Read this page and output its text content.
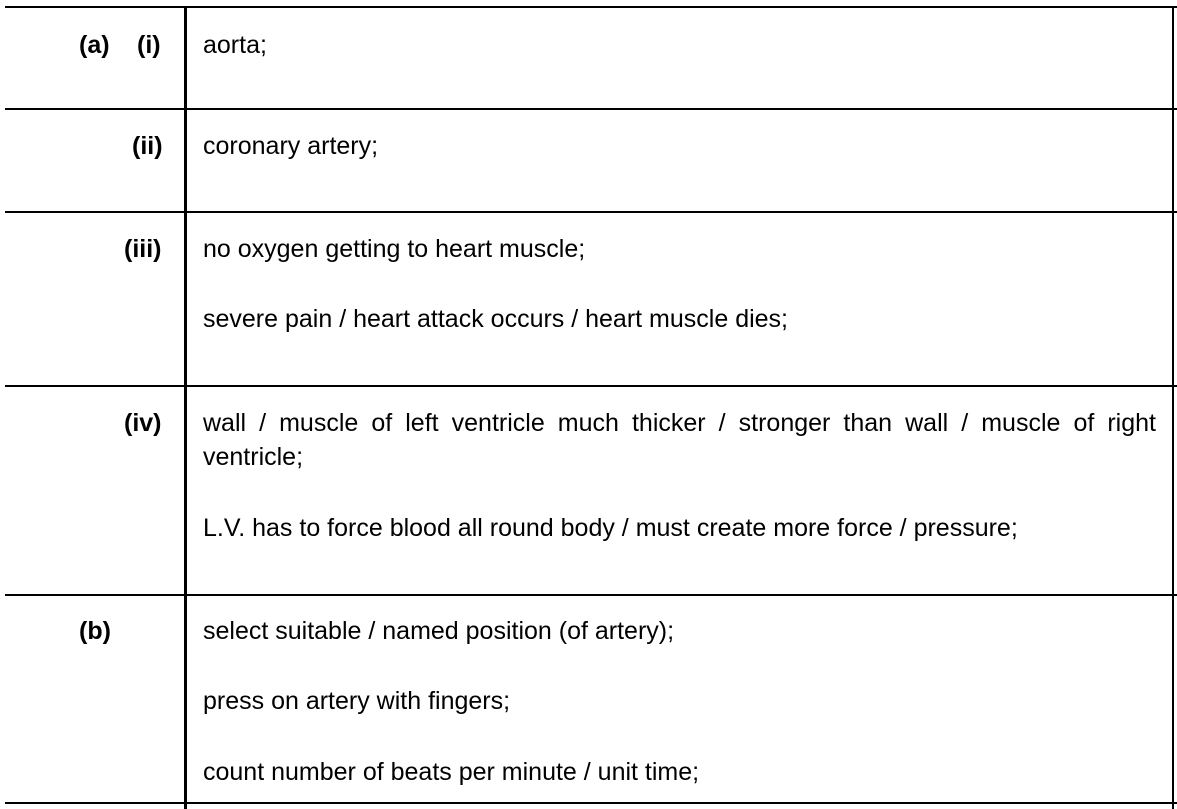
(a) (i) aorta;

(ii) coronary artery;

(iii) no oxygen getting to heart muscle;

severe pain / heart attack occurs / heart muscle dies;

(iv) wall / muscle of left ventricle much thicker / stronger than wall / muscle of right ventricle;

L.V. has to force blood all round body / must create more force / pressure;

(b)	select suitable / named position (of artery);

press on artery with fingers;

count number of beats per minute / unit time;
